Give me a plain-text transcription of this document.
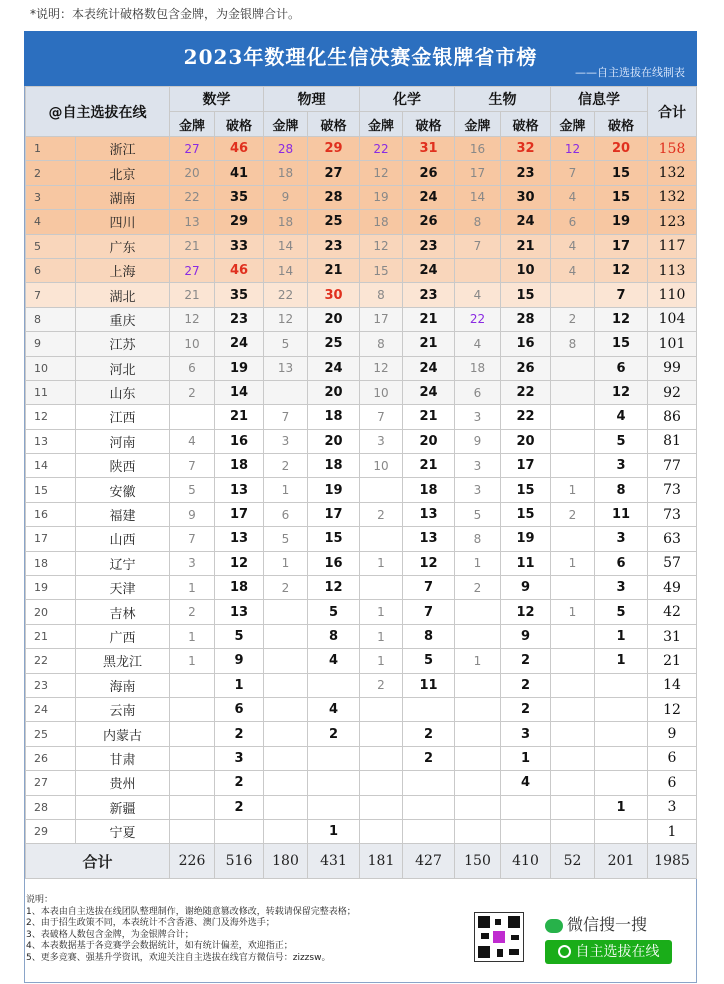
*说明：本表统计破格数包含金牌，为金银牌合计。
2023年数理化生信决赛金银牌省市榜
——自主选拔在线制表
@自主选拔在线		数学		物理		化学		生物		信息学		合计
		金牌	破格	金牌	破格	金牌	破格	金牌	破格	金牌	破格	
1	浙江	27	46	28	29	22	31	16	32	12	20	158
2	北京	20	41	18	27	12	26	17	23	7	15	132
3	湖南	22	35	9	28	19	24	14	30	4	15	132
4	四川	13	29	18	25	18	26	8	24	6	19	123
5	广东	21	33	14	23	12	23	7	21	4	17	117
6	上海	27	46	14	21	15	24		10	4	12	113
7	湖北	21	35	22	30	8	23	4	15		7	110
8	重庆	12	23	12	20	17	21	22	28	2	12	104
9	江苏	10	24	5	25	8	21	4	16	8	15	101
10	河北	6	19	13	24	12	24	18	26		6	99
11	山东	2	14		20	10	24	6	22		12	92
12	江西		21	7	18	7	21	3	22		4	86
13	河南	4	16	3	20	3	20	9	20		5	81
14	陕西	7	18	2	18	10	21	3	17		3	77
15	安徽	5	13	1	19		18	3	15	1	8	73
16	福建	9	17	6	17	2	13	5	15	2	11	73
17	山西	7	13	5	15		13	8	19		3	63
18	辽宁	3	12	1	16	1	12	1	11	1	6	57
19	天津	1	18	2	12		7	2	9		3	49
20	吉林	2	13		5	1	7		12	1	5	42
21	广西	1	5		8	1	8		9		1	31
22	黑龙江	1	9		4	1	5	1	2		1	21
23	海南		1			2	11		2			14
24	云南		6		4				2			12
25	内蒙古		2		2		2		3			9
26	甘肃		3				2		1			6
27	贵州		2						4			6
28	新疆		2								1	3
29	宁夏				1							1
合计		226	516	180	431	181	427	150	410	52	201	1985
说明：
1、本表由自主选拔在线团队整理制作，谢绝随意篡改修改，转载请保留完整表格；
2、由于招生政策不同，本表统计不含香港、澳门及海外选手；
3、表破格人数包含金牌，为金银牌合计；
4、本表数据基于各竞赛学会数据统计，如有统计偏差，欢迎指正；
5、更多竞赛、强基升学资讯，欢迎关注自主选拔在线官方微信号：zizzsw。
微信搜一搜
自主选拔在线
